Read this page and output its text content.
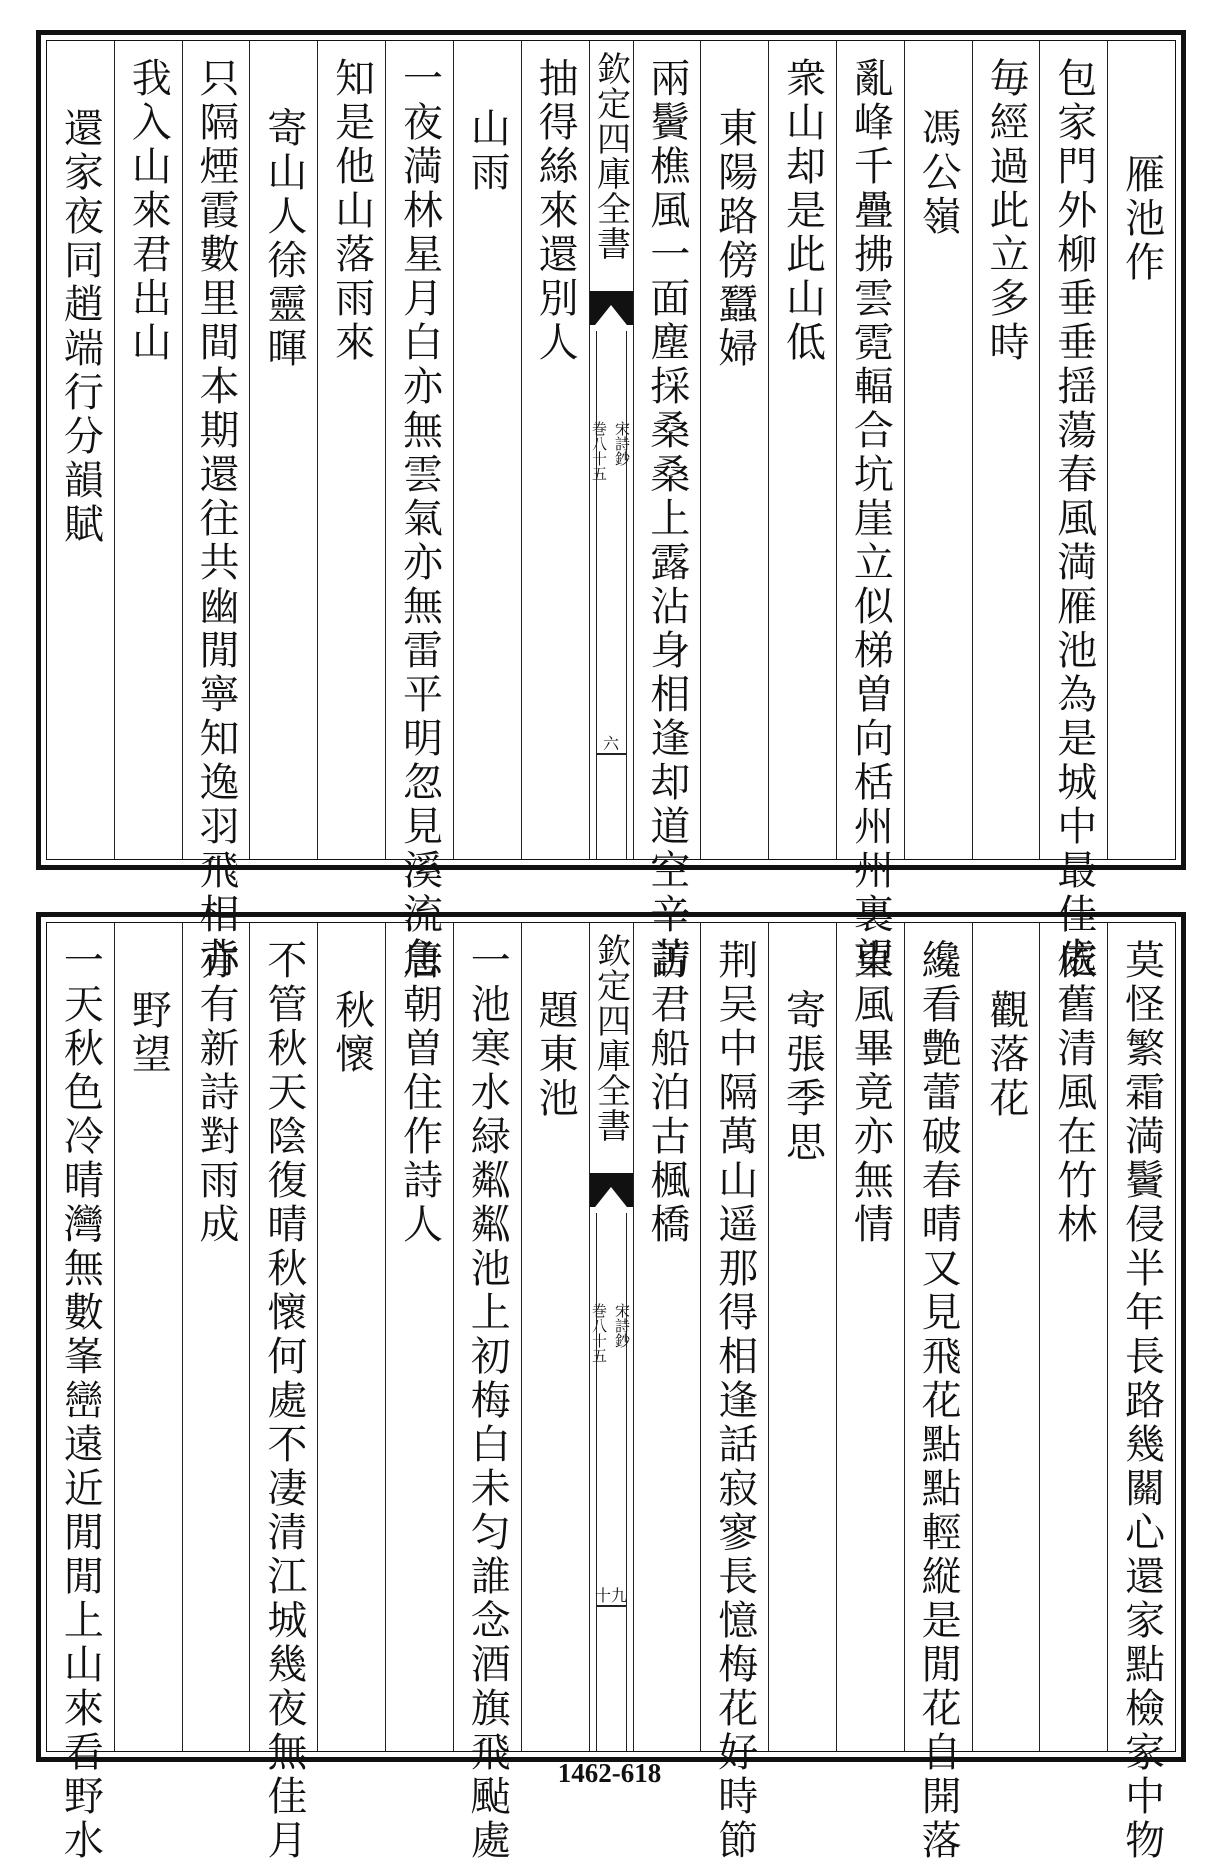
雁池作
包家門外柳垂垂揺蕩春風満雁池為是城中最佳處
毎經過此立多時
馮公嶺
亂峰千疊拂雲霓輻合坑崖立似梯曽向栝州州裏望
衆山却是此山低
東陽路傍蠶婦
兩鬢樵風一面塵採桑桑上露沾身相逢却道空辛苦
欽定四庫全書
巻八十五 宋詩鈔
六
抽得絲來還別人
山雨
一夜満林星月白亦無雲氣亦無雷平明忽見溪流急
知是他山落雨來
寄山人徐靈暉
只隔煙霞數里間本期還往共幽閒寧知逸羽飛相背
我入山來君出山
還家夜同趙端行分韻賦
莫怪繁霜満鬢侵半年長路幾關心還家點檢家中物
依舊清風在竹林
觀落花
纔看艶蕾破春晴又見飛花點點輕縦是閒花自開落
東風畢竟亦無情
寄張季思
荆吴中隔萬山遥那得相逢話寂寥長憶梅花好時節
訪君船泊古楓橋
欽定四庫全書
巻八十五 宋詩鈔
十九
題東池
一池寒水緑粼粼池上初梅白未匀誰念酒旗飛颭處
唐朝曽住作詩人
秋懷
不管秋天陰復晴秋懷何處不凄清江城幾夜無佳月
亦有新詩對雨成
野望
一天秋色冷晴灣無數峯巒遠近閒閒上山來看野水	1462-618
